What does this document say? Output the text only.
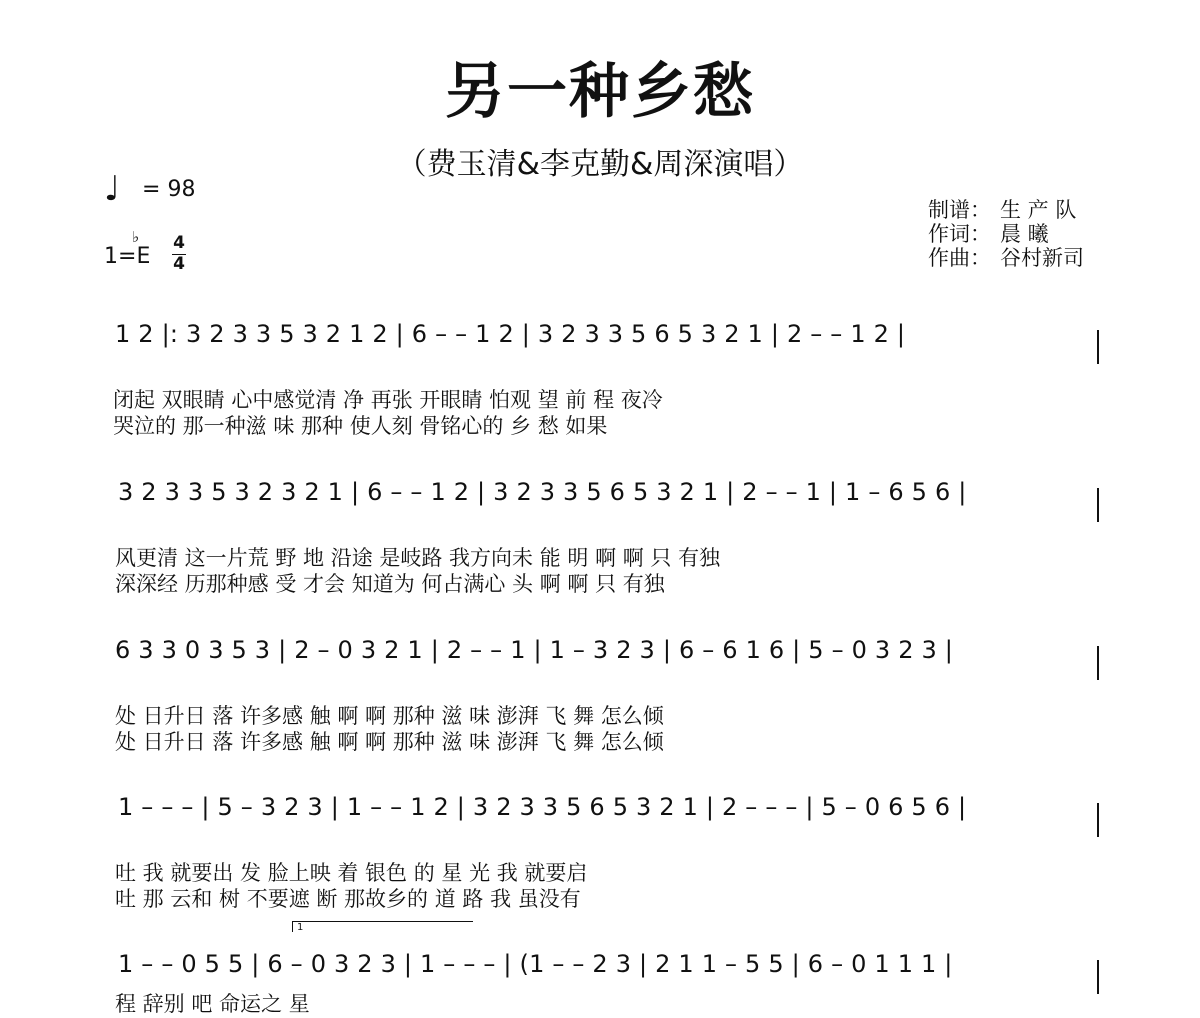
另一种乡愁
（费玉清&李克勤&周深演唱）
♩ = 98
1=E
♭ 4
4
制谱： 生 产 队
作词： 晨 曦
作曲： 谷村新司
1 2 |: 3 2 3 3 5 3 2 1 2 | 6 – – 1 2 | 3 2 3 3 5 6 5 3 2 1 | 2 – – 1 2 |
闭起 双眼睛 心中感觉清 净 再张 开眼睛 怕观 望 前 程 夜冷
哭泣的 那一种滋 味 那种 使人刻 骨铭心的 乡 愁 如果
3 2 3 3 5 3 2 3 2 1 | 6 – – 1 2 | 3 2 3 3 5 6 5 3 2 1 | 2 – – 1 | 1 – 6 5 6 |
风更清 这一片荒 野 地 沿途 是岐路 我方向未 能 明 啊 啊 只 有独
深深经 历那种感 受 才会 知道为 何占满心 头 啊 啊 只 有独
6 3 3 0 3 5 3 | 2 – 0 3 2 1 | 2 – – 1 | 1 – 3 2 3 | 6 – 6 1 6 | 5 – 0 3 2 3 |
处 日升日 落 许多感 触 啊 啊 那种 滋 味 澎湃 飞 舞 怎么倾
处 日升日 落 许多感 触 啊 啊 那种 滋 味 澎湃 飞 舞 怎么倾
1 – – – | 5 – 3 2 3 | 1 – – 1 2 | 3 2 3 3 5 6 5 3 2 1 | 2 – – – | 5 – 0 6 5 6 |
吐 我 就要出 发 脸上映 着 银色 的 星 光 我 就要启
吐 那 云和 树 不要遮 断 那故乡的 道 路 我 虽没有
1
1 – – 0 5 5 | 6 – 0 3 2 3 | 1 – – – | (1 – – 2 3 | 2 1 1 – 5 5 | 6 – 0 1 1 1 |
程 辞别 吧 命运之 星
